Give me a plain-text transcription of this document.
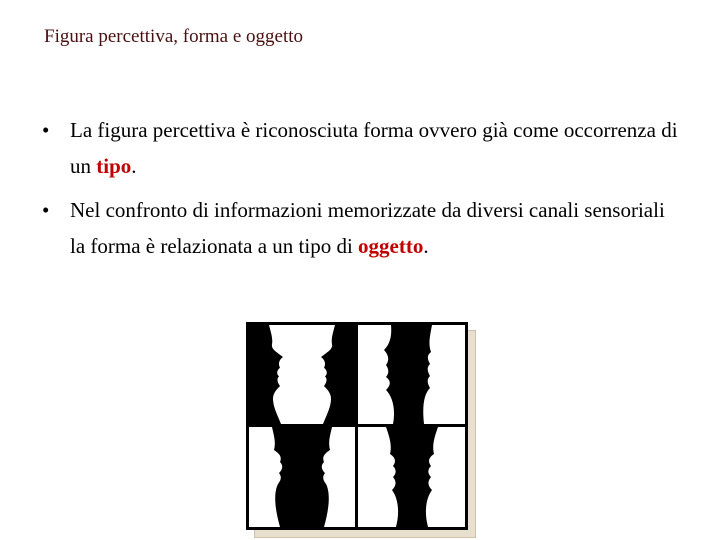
Figura percettiva, forma e oggetto
• La figura percettiva è riconosciuta forma ovvero già come occorrenza di un tipo.
• Nel confronto di informazioni memorizzate da diversi canali sensoriali la forma è relazionata a un tipo di oggetto.
